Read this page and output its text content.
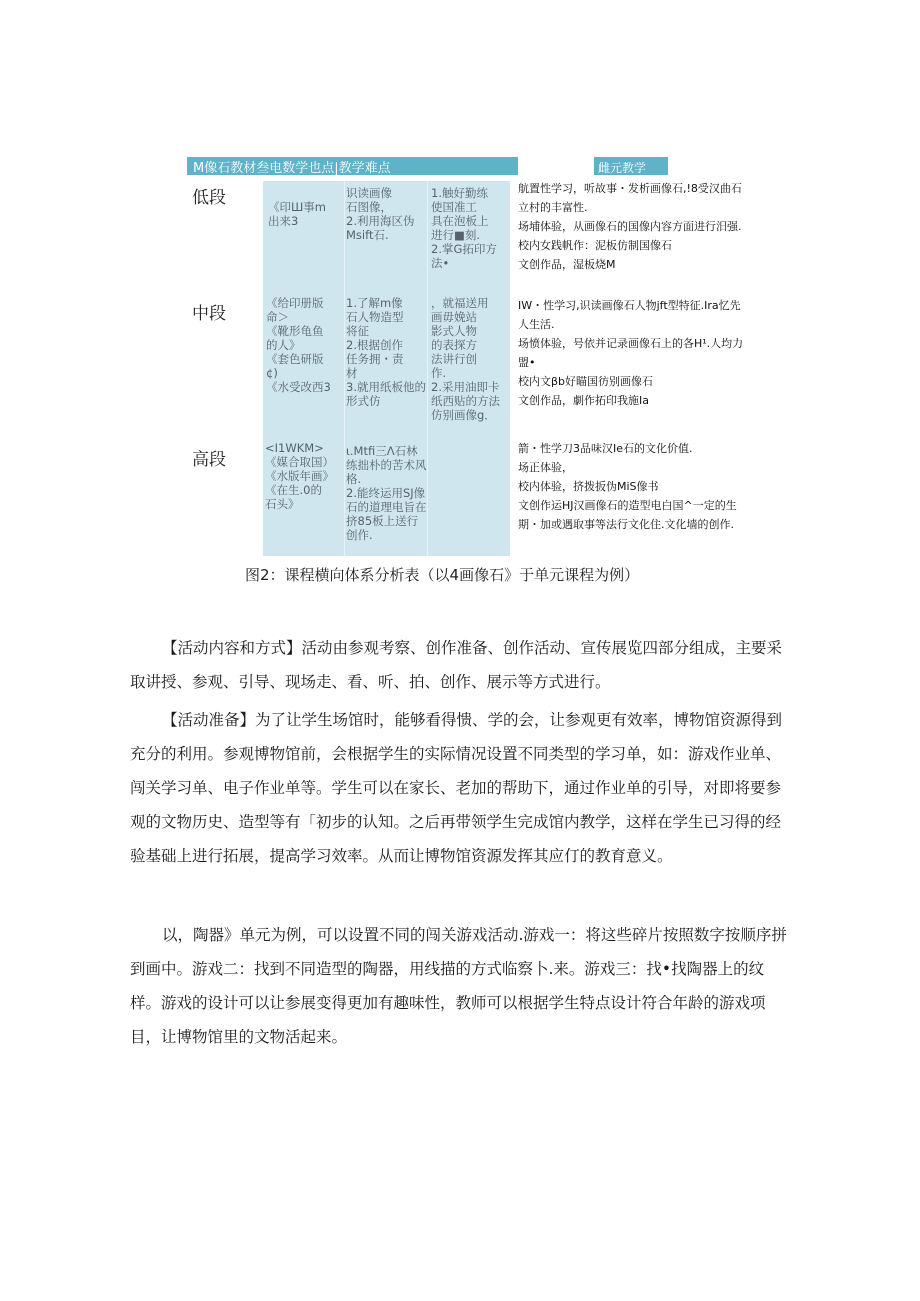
M像石教材叁电数学也点|教学难点	雌元教学
低段	《印Ш事m
出来3
识读画像
石图像，
2.利用海区伪
Msift石.
1.触好勤练
使国准工
具在泡板上
进行■刻.
2.掌G拓印方
法•
航置性学习，听故事・发析画像石,!8受汉曲石
立村的丰富性.
场埔体验，从画像石的国像内容方面进行汨强.
校内女践帆作：泥板仿制国像石
文创作品，湿板烧M
中段
《给印册版
命＞
《靴形龟鱼
的人》
《套色研版
¢)
《水受改西3
1.了解m像
石人物造型
将征
2.根据创作
任务拥・责
材
3.就用纸板他的
形式仿
，就福送用
画毋娩站
影式人物
的表探方
法讲行创
作.
2.采用油即卡
纸西贴的方法
仿别画像g．
IW・性学习,识读画像石人物jft型特征.Ira忆先
人生活.
场愤体验，号依并记录画像石上的各H¹.人均力
盟•
校内文βb好瞄国彷别画像石
文创作品，劇作拓印我施Ia
高段
<I1WKM>
《媒合取国）
《水版年画》
《在生.0的
石头》
ι.Mtfi三Λ石林
练拙朴的苦术风
格.
2.能终运用SJ像
石的道理电旨在
挤85板上送行
创作.
箭・性学刀3品味汉Ie石的文化价值.
场正体验，
校内体验，挤拨扳伪MiS像书
文创作运HJ汉画像石的造型电白国^一定的生
期・加或遇取事等法行文化住.文化墙的创作.
图2：课程横向体系分析表（以4画像石》于单元课程为例）

【活动内容和方式】活动由参观考察、创作准备、创作活动、宣传展览四部分组成，主要采取讲授、参观、引导、现场走、看、听、拍、创作、展示等方式进行。

【活动准备】为了让学生场馆时，能够看得愦、学的会，让参观更有效率，博物馆资源得到充分的利用。参观博物馆前，会根据学生的实际情况设置不同类型的学习单，如：游戏作业单、闯关学习单、电子作业单等。学生可以在家长、老加的帮助下，通过作业单的引导，对即将要参观的文物历史、造型等有「初步的认知。之后再带领学生完成馆内教学，这样在学生已习得的经验基础上进行拓展，提高学习效率。从而让博物馆资源发挥其应仃的教育意义。

以，陶器》单元为例，可以设置不同的闯关游戏活动.游戏一：将这些碎片按照数字按顺序拼到画中。游戏二：找到不同造型的陶器，用线描的方式临察卜.来。游戏三：找•找陶器上的纹样。游戏的设计可以让参展变得更加有趣味性，教师可以根据学生特点设计符合年龄的游戏项目，让博物馆里的文物活起来。
